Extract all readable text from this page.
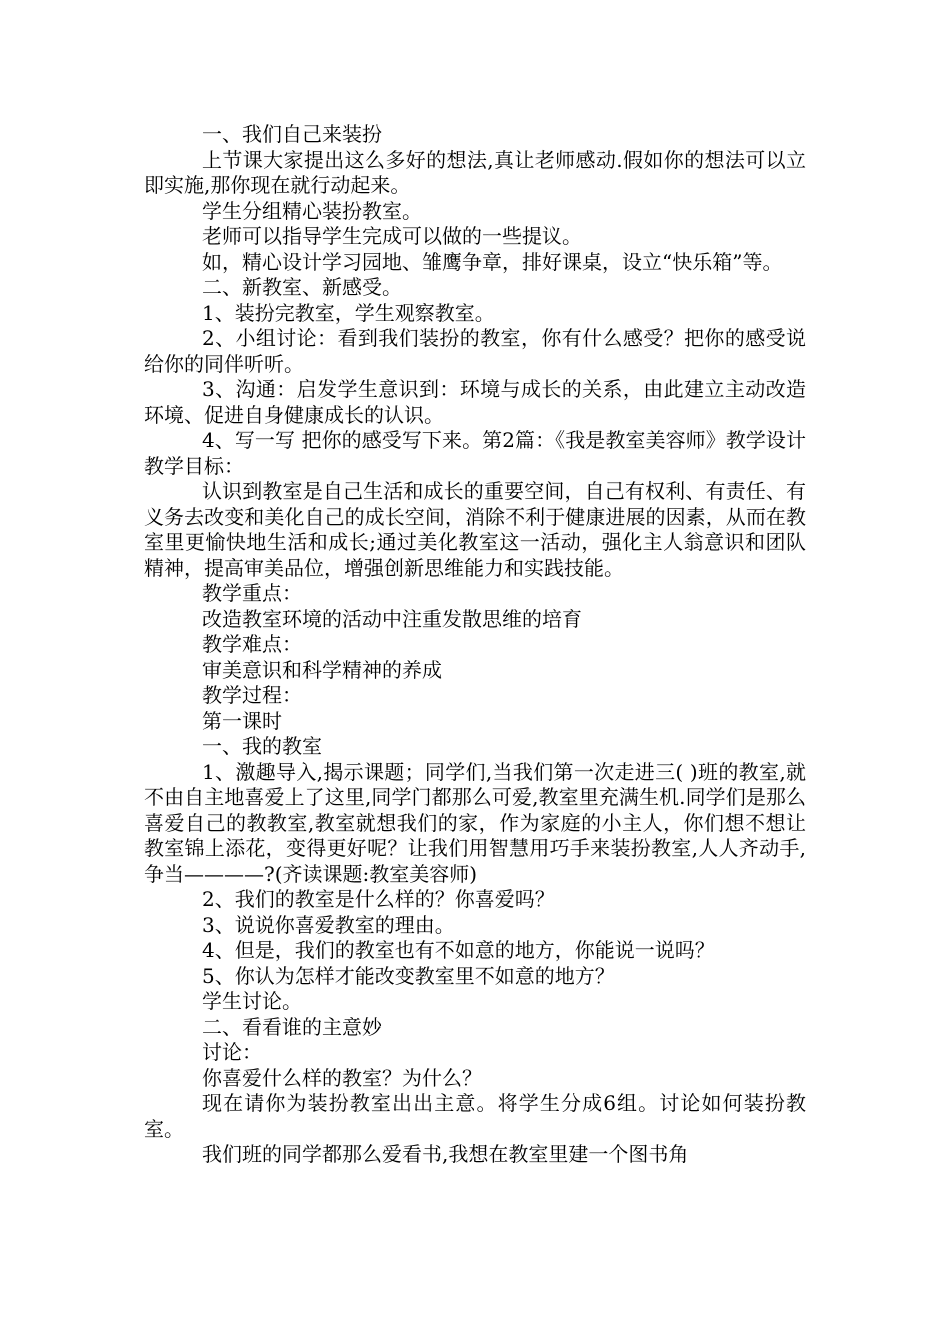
一、我们自己来装扮

上节课大家提出这么多好的想法,真让老师感动.假如你的想法可以立即实施,那你现在就行动起来。

学生分组精心装扮教室。

老师可以指导学生完成可以做的一些提议。

如，精心设计学习园地、雏鹰争章，排好课桌，设立“快乐箱”等。

二、新教室、新感受。

1、装扮完教室，学生观察教室。

2、小组讨论：看到我们装扮的教室，你有什么感受？把你的感受说给你的同伴听听。

3、沟通：启发学生意识到：环境与成长的关系，由此建立主动改造环境、促进自身健康成长的认识。

4、写一写 把你的感受写下来。第2篇：《我是教室美容师》教学设计教学目标：

认识到教室是自己生活和成长的重要空间，自己有权利、有责任、有义务去改变和美化自己的成长空间，消除不利于健康进展的因素，从而在教室里更愉快地生活和成长;通过美化教室这一活动，强化主人翁意识和团队精神，提高审美品位，增强创新思维能力和实践技能。

教学重点：

改造教室环境的活动中注重发散思维的培育

教学难点：

审美意识和科学精神的养成

教学过程：

第一课时

一、我的教室

1、激趣导入,揭示课题；同学们,当我们第一次走进三( )班的教室,就不由自主地喜爱上了这里,同学门都那么可爱,教室里充满生机.同学们是那么喜爱自己的教教室,教室就想我们的家，作为家庭的小主人，你们想不想让教室锦上添花，变得更好呢？让我们用智慧用巧手来装扮教室,人人齐动手,争当————?(齐读课题:教室美容师)

2、我们的教室是什么样的？你喜爱吗？

3、说说你喜爱教室的理由。

4、但是，我们的教室也有不如意的地方，你能说一说吗？

5、你认为怎样才能改变教室里不如意的地方？

学生讨论。

二、看看谁的主意妙

讨论：

你喜爱什么样的教室？为什么？

现在请你为装扮教室出出主意。将学生分成6组。讨论如何装扮教室。

我们班的同学都那么爱看书,我想在教室里建一个图书角
